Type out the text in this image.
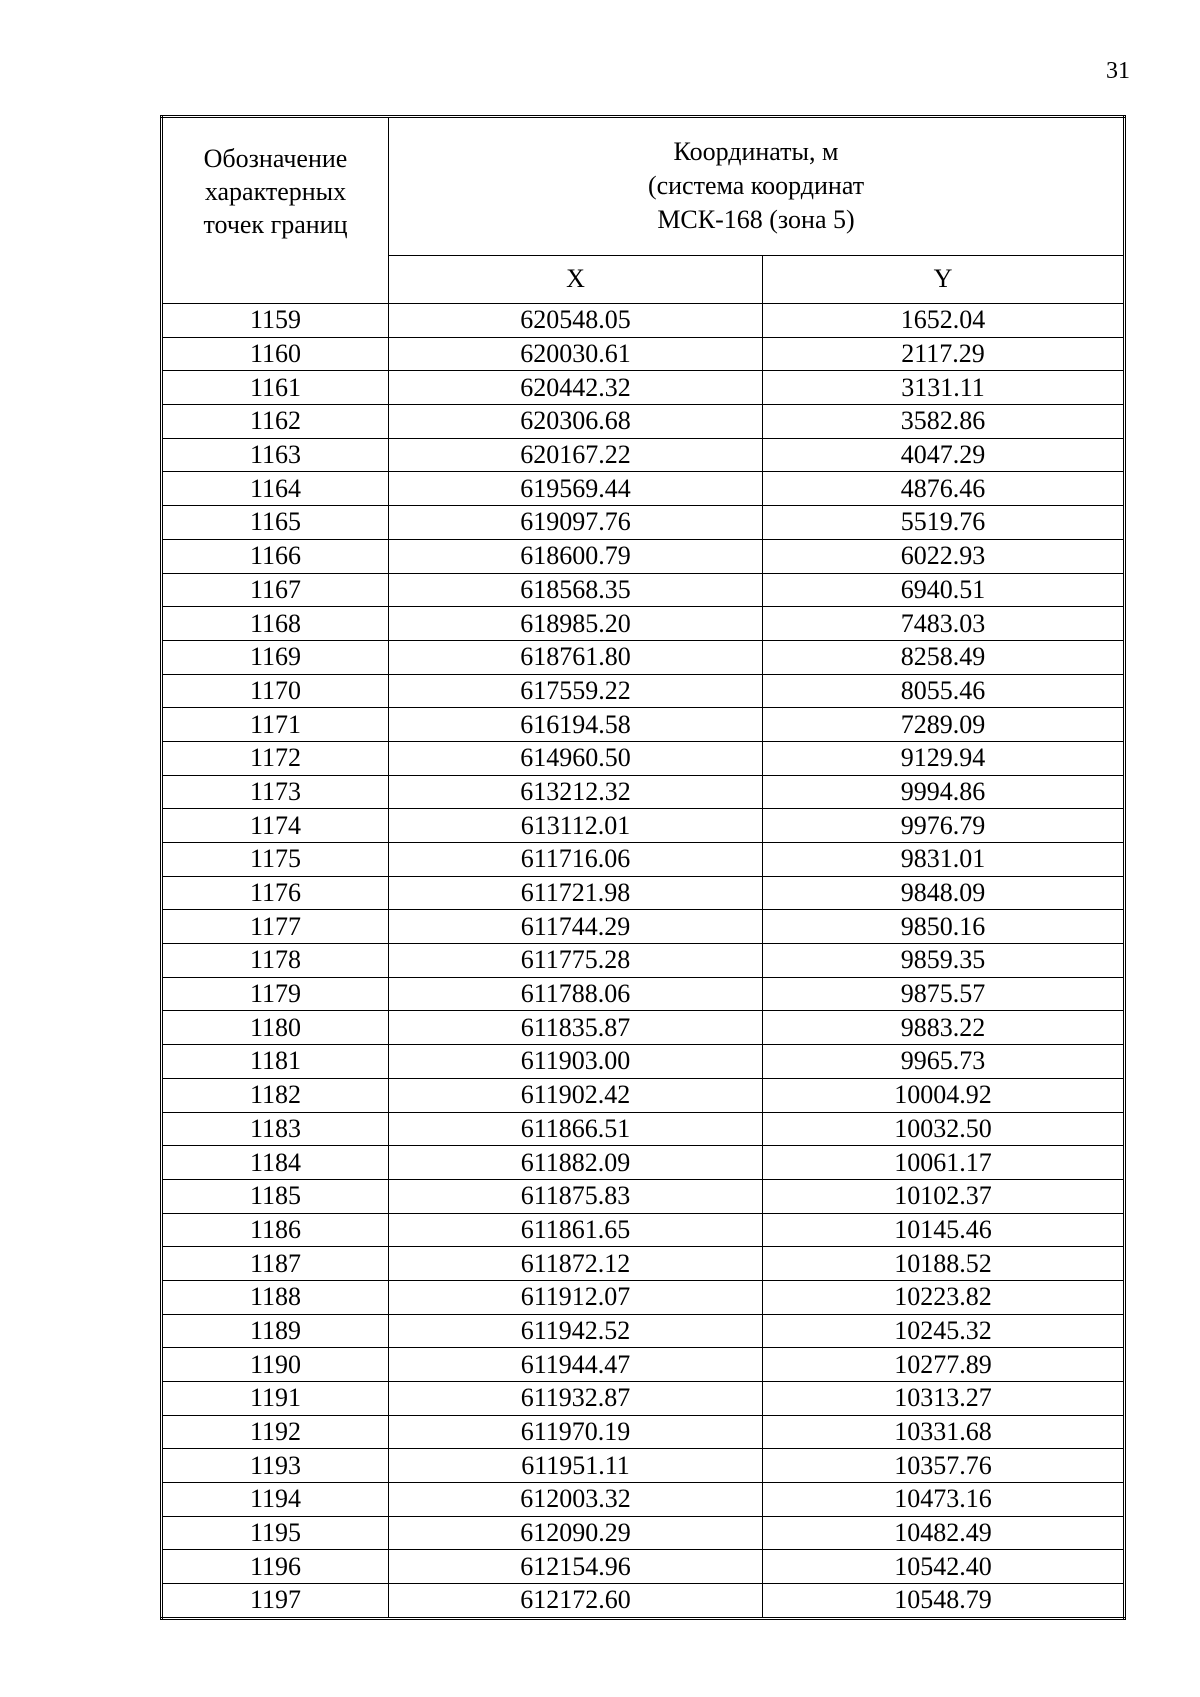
31
Обозначение
характерных
точек границ	Координаты, м
(система координат
МСК-168 (зона 5)	

	X	Y
1159	620548.05	1652.04
1160	620030.61	2117.29
1161	620442.32	3131.11
1162	620306.68	3582.86
1163	620167.22	4047.29
1164	619569.44	4876.46
1165	619097.76	5519.76
1166	618600.79	6022.93
1167	618568.35	6940.51
1168	618985.20	7483.03
1169	618761.80	8258.49
1170	617559.22	8055.46
1171	616194.58	7289.09
1172	614960.50	9129.94
1173	613212.32	9994.86
1174	613112.01	9976.79
1175	611716.06	9831.01
1176	611721.98	9848.09
1177	611744.29	9850.16
1178	611775.28	9859.35
1179	611788.06	9875.57
1180	611835.87	9883.22
1181	611903.00	9965.73
1182	611902.42	10004.92
1183	611866.51	10032.50
1184	611882.09	10061.17
1185	611875.83	10102.37
1186	611861.65	10145.46
1187	611872.12	10188.52
1188	611912.07	10223.82
1189	611942.52	10245.32
1190	611944.47	10277.89
1191	611932.87	10313.27
1192	611970.19	10331.68
1193	611951.11	10357.76
1194	612003.32	10473.16
1195	612090.29	10482.49
1196	612154.96	10542.40
1197	612172.60	10548.79
